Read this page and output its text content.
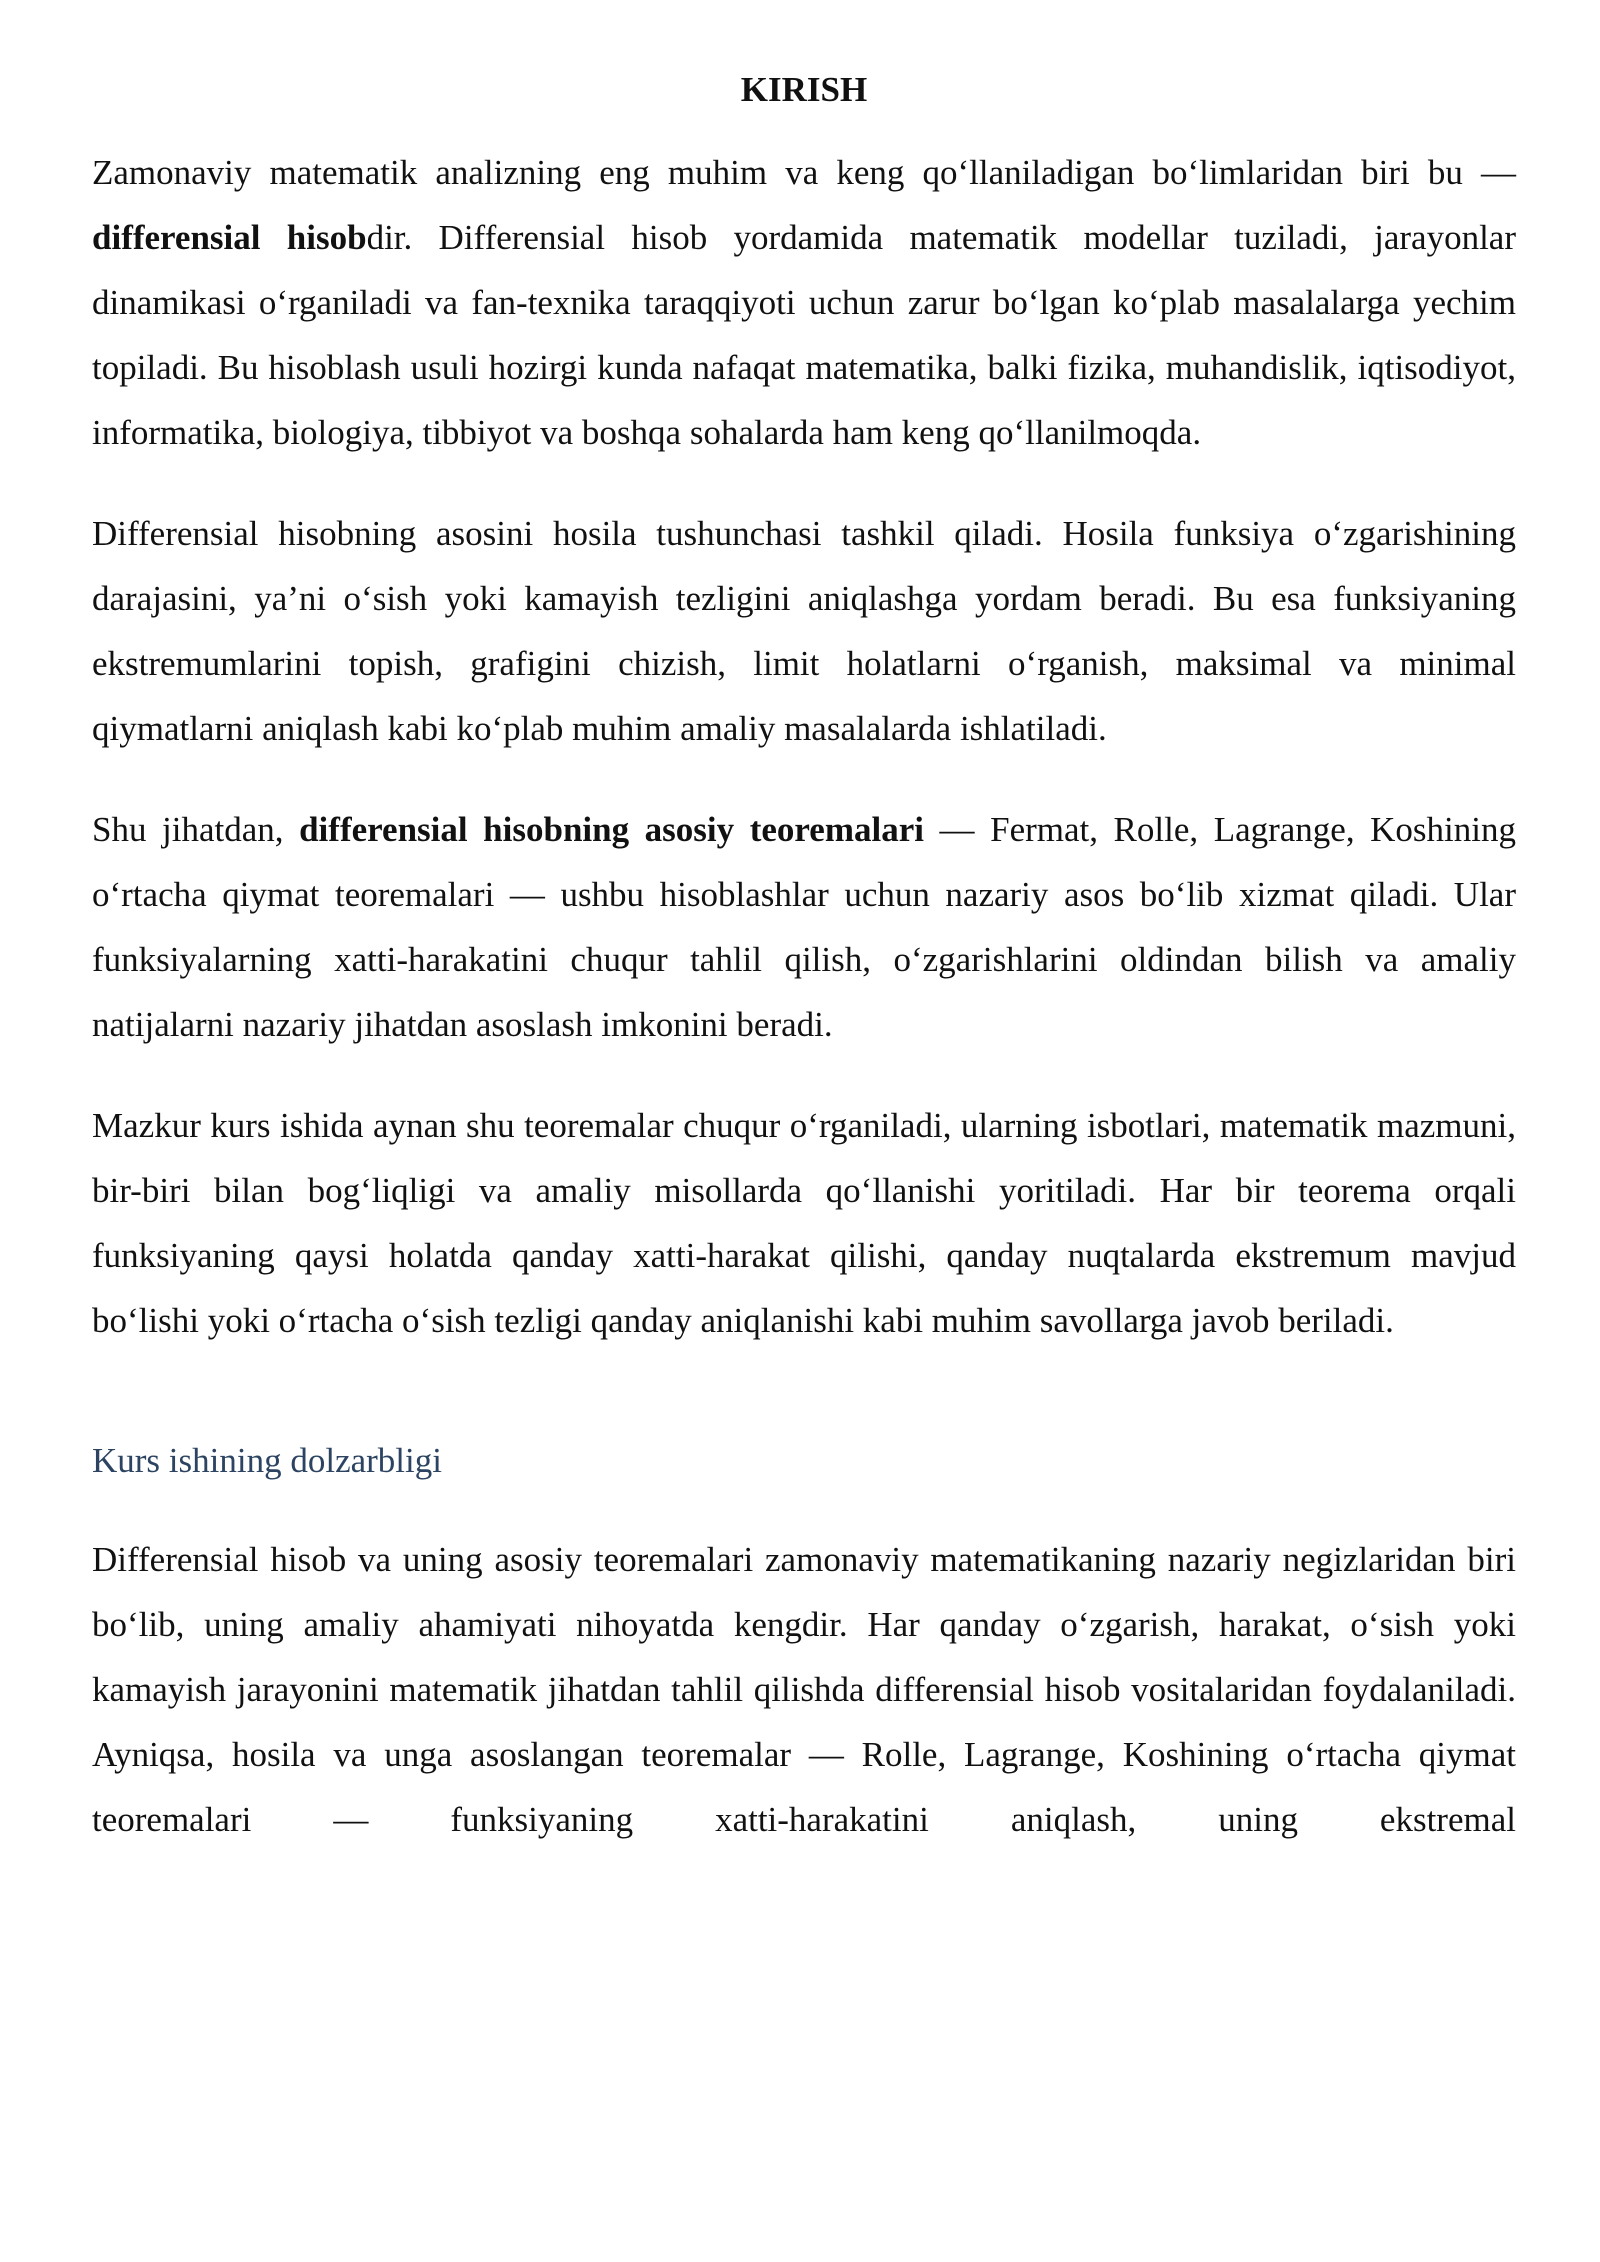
KIRISH

Zamonaviy matematik analizning eng muhim va keng qo‘llaniladigan bo‘limlaridan biri bu — differensial hisobdir. Differensial hisob yordamida matematik modellar tuziladi, jarayonlar dinamikasi o‘rganiladi va fan-texnika taraqqiyoti uchun zarur bo‘lgan ko‘plab masalalarga yechim topiladi. Bu hisoblash usuli hozirgi kunda nafaqat matematika, balki fizika, muhandislik, iqtisodiyot, informatika, biologiya, tibbiyot va boshqa sohalarda ham keng qo‘llanilmoqda.

Differensial hisobning asosini hosila tushunchasi tashkil qiladi. Hosila funksiya o‘zgarishining darajasini, ya’ni o‘sish yoki kamayish tezligini aniqlashga yordam beradi. Bu esa funksiyaning ekstremumlarini topish, grafigini chizish, limit holatlarni o‘rganish, maksimal va minimal qiymatlarni aniqlash kabi ko‘plab muhim amaliy masalalarda ishlatiladi.

Shu jihatdan, differensial hisobning asosiy teoremalari — Fermat, Rolle, Lagrange, Koshining o‘rtacha qiymat teoremalari — ushbu hisoblashlar uchun nazariy asos bo‘lib xizmat qiladi. Ular funksiyalarning xatti-harakatini chuqur tahlil qilish, o‘zgarishlarini oldindan bilish va amaliy natijalarni nazariy jihatdan asoslash imkonini beradi.

Mazkur kurs ishida aynan shu teoremalar chuqur o‘rganiladi, ularning isbotlari, matematik mazmuni, bir-biri bilan bog‘liqligi va amaliy misollarda qo‘llanishi yoritiladi. Har bir teorema orqali funksiyaning qaysi holatda qanday xatti-harakat qilishi, qanday nuqtalarda ekstremum mavjud bo‘lishi yoki o‘rtacha o‘sish tezligi qanday aniqlanishi kabi muhim savollarga javob beriladi.

Kurs ishining dolzarbligi

Differensial hisob va uning asosiy teoremalari zamonaviy matematikaning nazariy negizlaridan biri bo‘lib, uning amaliy ahamiyati nihoyatda kengdir. Har qanday o‘zgarish, harakat, o‘sish yoki kamayish jarayonini matematik jihatdan tahlil qilishda differensial hisob vositalaridan foydalaniladi. Ayniqsa, hosila va unga asoslangan teoremalar — Rolle, Lagrange, Koshining o‘rtacha qiymat teoremalari — funksiyaning xatti-harakatini aniqlash, uning ekstremal
